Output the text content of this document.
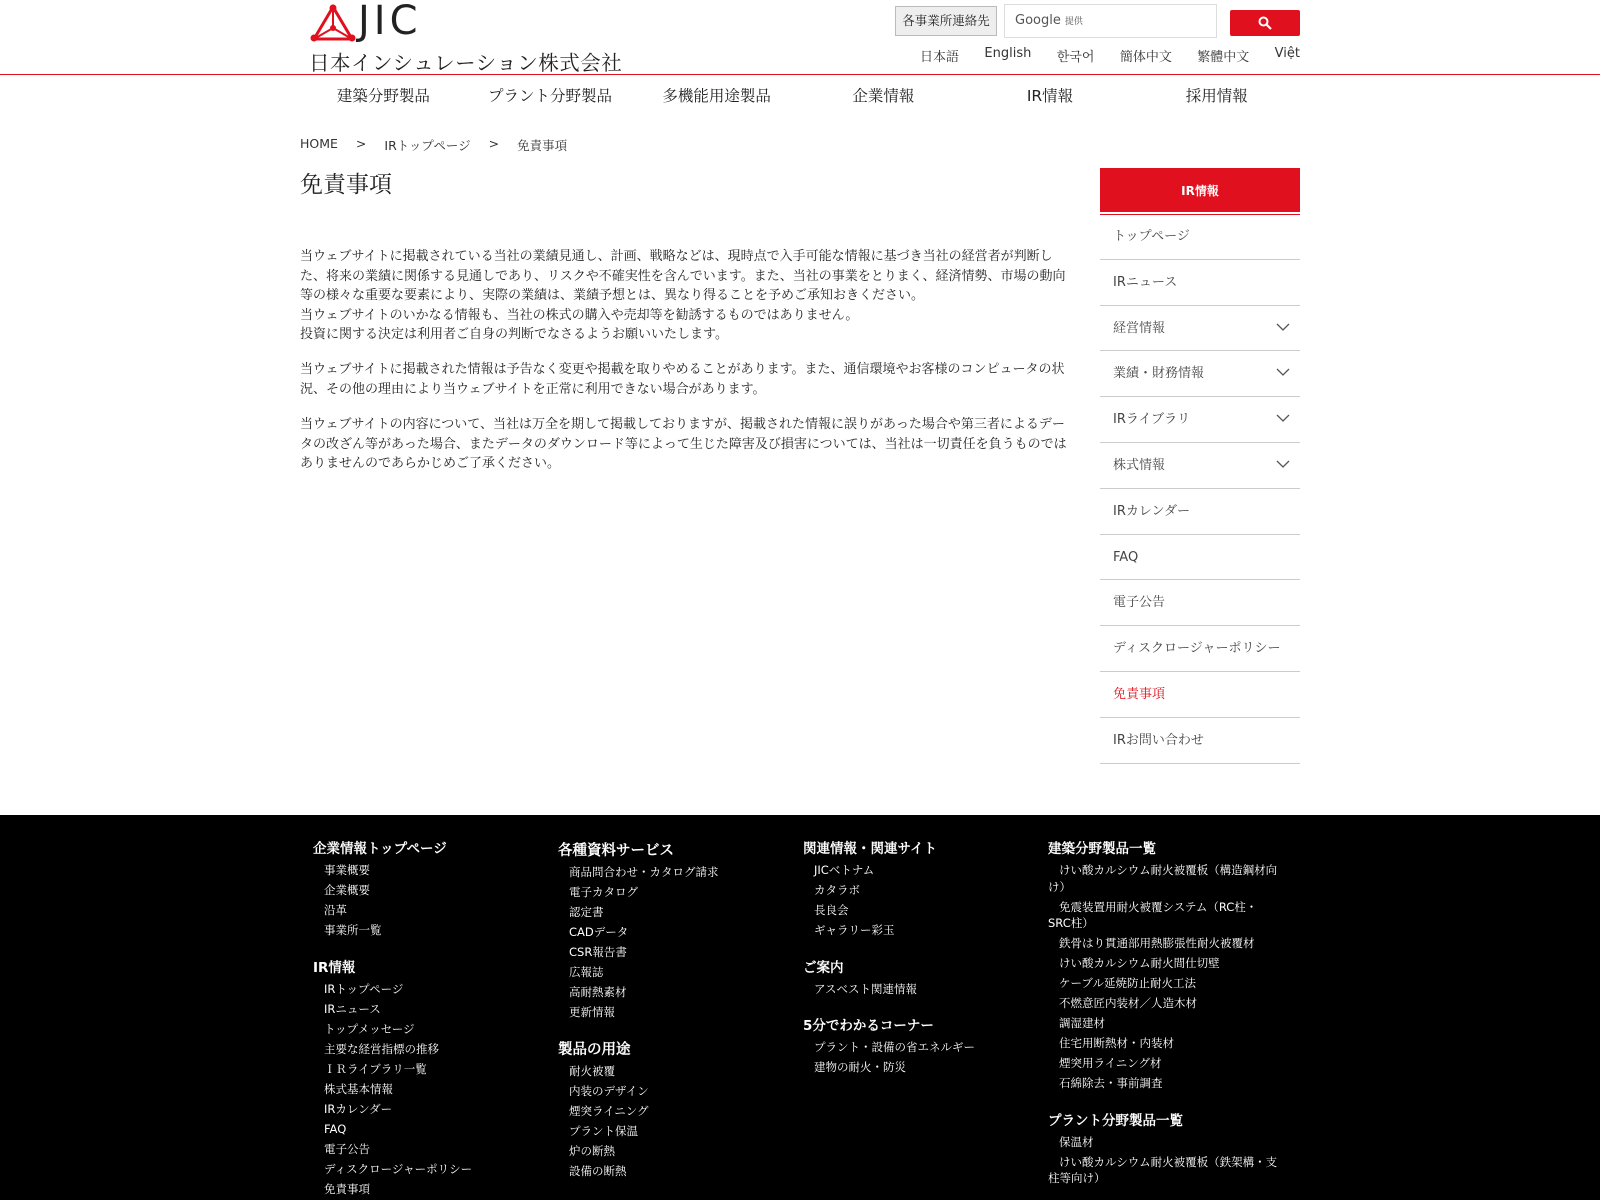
JIC
日本インシュレーション株式会社
各事業所連絡先	Google 提供
日本語 English 한국어 簡体中文 繁體中文 Việt
建築分野製品	プラント分野製品	多機能用途製品	企業情報	IR情報	採用情報
HOME > IRトップページ > 免責事項
免責事項

当ウェブサイトに掲載されている当社の業績見通し、計画、戦略などは、現時点で入手可能な情報に基づき当社の経営者が判断した、将来の業績に関係する見通しであり、リスクや不確実性を含んでいます。また、当社の事業をとりまく、経済情勢、市場の動向等の様々な重要な要素により、実際の業績は、業績予想とは、異なり得ることを予めご承知おきください。
当ウェブサイトのいかなる情報も、当社の株式の購入や売却等を勧誘するものではありません。
投資に関する決定は利用者ご自身の判断でなさるようお願いいたします。

当ウェブサイトに掲載された情報は予告なく変更や掲載を取りやめることがあります。また、通信環境やお客様のコンピュータの状況、その他の理由により当ウェブサイトを正常に利用できない場合があります。

当ウェブサイトの内容について、当社は万全を期して掲載しておりますが、掲載された情報に誤りがあった場合や第三者によるデータの改ざん等があった場合、またデータのダウンロード等によって生じた障害及び損害については、当社は一切責任を負うものではありませんのであらかじめご了承ください。

IR情報
トップページ
IRニュース
経営情報
業績・財務情報
IRライブラリ
株式情報
IRカレンダー
FAQ
電子公告
ディスクロージャーポリシー
免責事項
IRお問い合わせ
企業情報トップページ
事業概要
企業概要
沿革
事業所一覧
IR情報
IRトップページ
IRニュース
トップメッセージ
主要な経営指標の推移
ＩＲライブラリ一覧
株式基本情報
IRカレンダー
FAQ
電子公告
ディスクロージャーポリシー
免責事項
各種資料サービス
商品問合わせ・カタログ請求
電子カタログ
認定書
CADデータ
CSR報告書
広報誌
高耐熱素材
更新情報
製品の用途
耐火被覆
内装のデザイン
煙突ライニング
プラント保温
炉の断熱
設備の断熱
関連情報・関連サイト
JICベトナム
カタラボ
長良会
ギャラリー彩玉
ご案内
アスベスト関連情報
5分でわかるコーナー
プラント・設備の省エネルギー
建物の耐火・防災
建築分野製品一覧
けい酸カルシウム耐火被覆板（構造鋼材向け）
免震装置用耐火被覆システム（RC柱・SRC柱）
鉄骨はり貫通部用熱膨張性耐火被覆材
けい酸カルシウム耐火間仕切壁
ケーブル延焼防止耐火工法
不燃意匠内装材／人造木材
調湿建材
住宅用断熱材・内装材
煙突用ライニング材
石綿除去・事前調査
プラント分野製品一覧
保温材
けい酸カルシウム耐火被覆板（鉄架構・支柱等向け）
